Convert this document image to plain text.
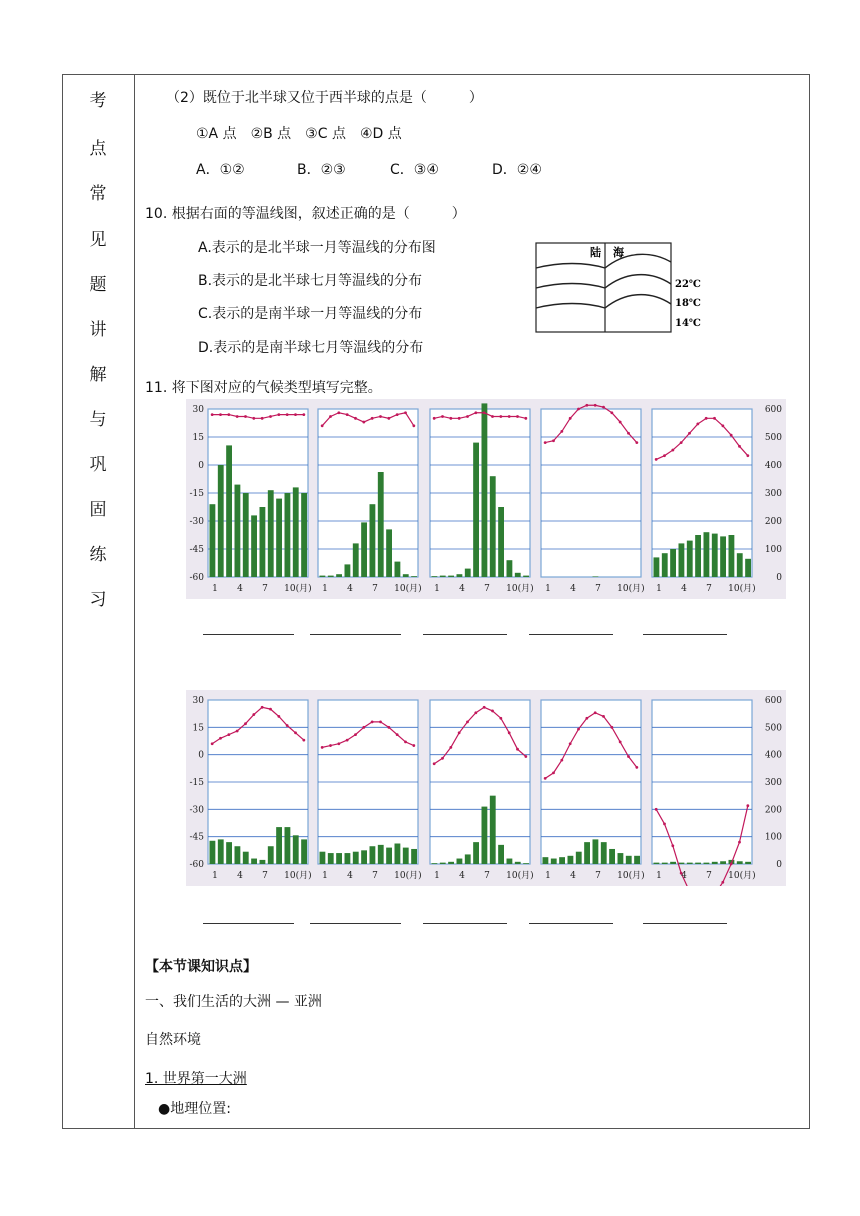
考
点
常
见
题
讲
解
与
巩
固
练
习
（2）既位于北半球又位于西半球的点是（　　　）
①A 点　②B 点　③C 点　④D 点
A．①②	B．②③	C．③④	D．②④
10. 根据右面的等温线图，叙述正确的是（　　　）
A.表示的是北半球一月等温线的分布图
B.表示的是北半球七月等温线的分布
C.表示的是南半球一月等温线的分布
D.表示的是南半球七月等温线的分布
陆 海
22℃
18℃
14℃
11. 将下图对应的气候类型填写完整。
30
15
0
-15
-30
-45
-60
600
500
400
300
200
100
0
1 4 7 10(月) 1 4 7 10(月) 1 4 7 10(月) 1 4 7 10(月) 1 4 7 10(月)
30
15
0
-15
-30
-45
-60
600
500
400
300
200
100
0
1 4 7 10(月) 1 4 7 10(月) 1 4 7 10(月) 1 4 7 10(月) 1 4 7 10(月)
【本节课知识点】
一、我们生活的大洲 — 亚洲
自然环境
1. 世界第一大洲
●地理位置:
